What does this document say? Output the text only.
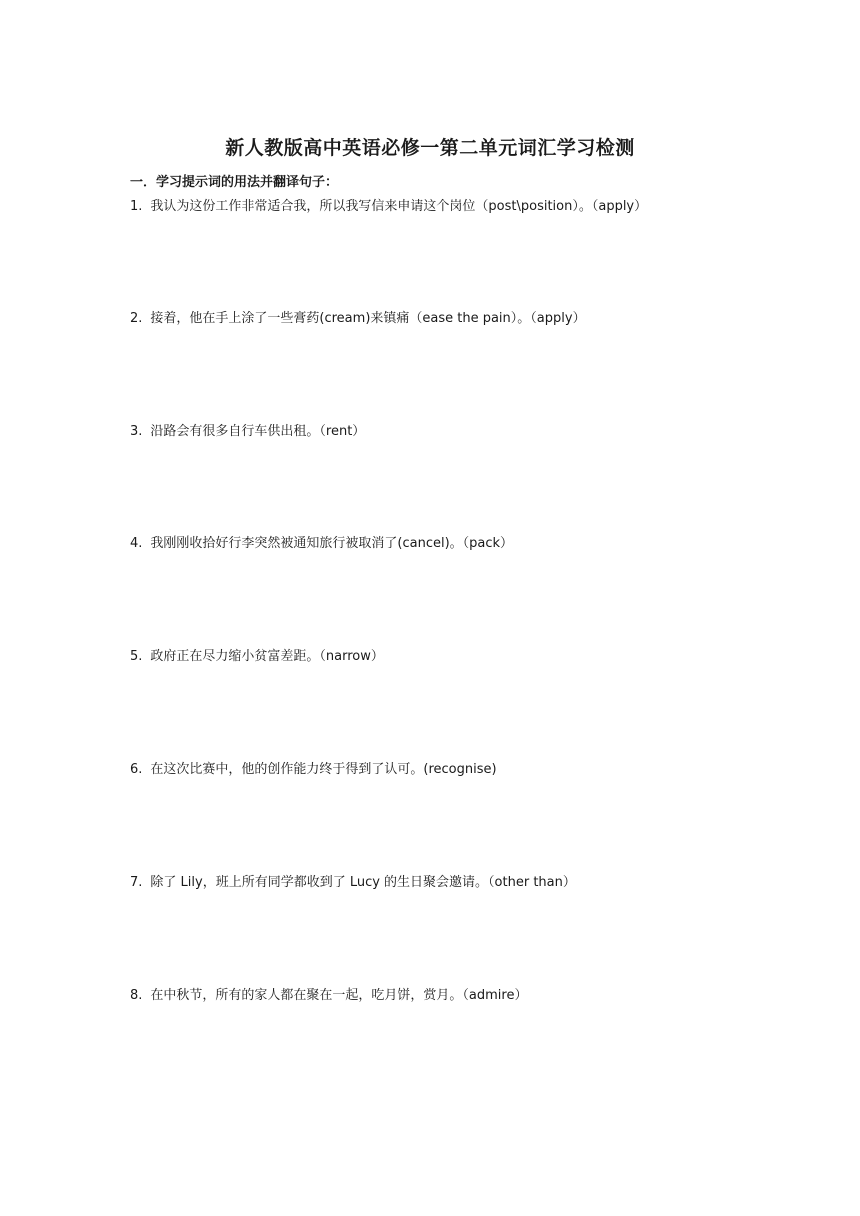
新人教版高中英语必修一第二单元词汇学习检测

一．学习提示词的用法并翻译句子：

1. 我认为这份工作非常适合我，所以我写信来申请这个岗位（post\position）。（apply）

2. 接着，他在手上涂了一些膏药(cream)来镇痛（ease the pain）。（apply）

3. 沿路会有很多自行车供出租。（rent）

4. 我刚刚收拾好行李突然被通知旅行被取消了(cancel)。（pack）

5. 政府正在尽力缩小贫富差距。（narrow）

6. 在这次比赛中，他的创作能力终于得到了认可。(recognise)

7. 除了 Lily，班上所有同学都收到了 Lucy 的生日聚会邀请。（other than）

8. 在中秋节，所有的家人都在聚在一起，吃月饼，赏月。（admire）
